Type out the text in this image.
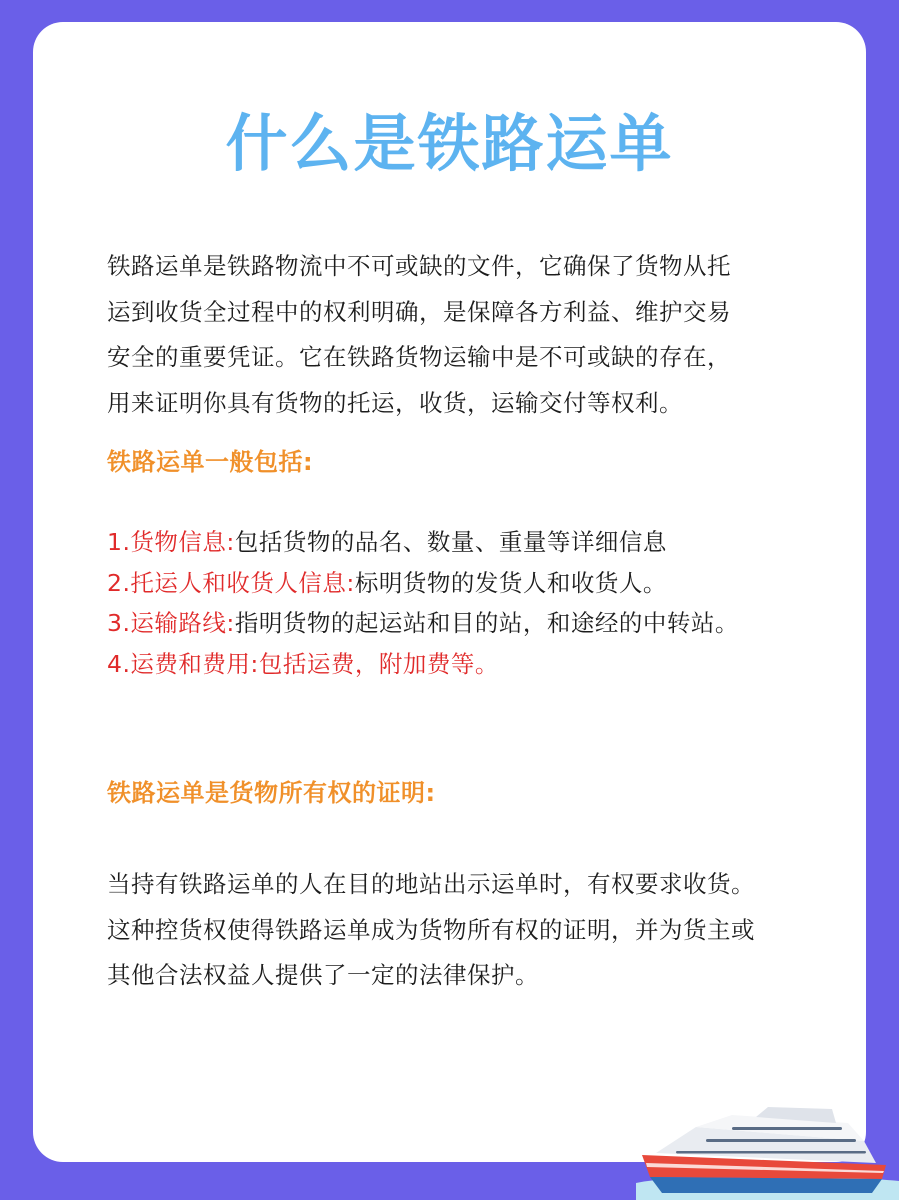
什么是铁路运单

铁路运单是铁路物流中不可或缺的文件，它确保了货物从托
运到收货全过程中的权利明确，是保障各方利益、维护交易
安全的重要凭证。它在铁路货物运输中是不可或缺的存在，
用来证明你具有货物的托运，收货，运输交付等权利。

铁路运单一般包括:
1.货物信息:包括货物的品名、数量、重量等详细信息
2.托运人和收货人信息:标明货物的发货人和收货人。
3.运输路线:指明货物的起运站和目的站，和途经的中转站。
4.运费和费用:包括运费，附加费等。
铁路运单是货物所有权的证明:

当持有铁路运单的人在目的地站出示运单时，有权要求收货。
这种控货权使得铁路运单成为货物所有权的证明，并为货主或
其他合法权益人提供了一定的法律保护。
